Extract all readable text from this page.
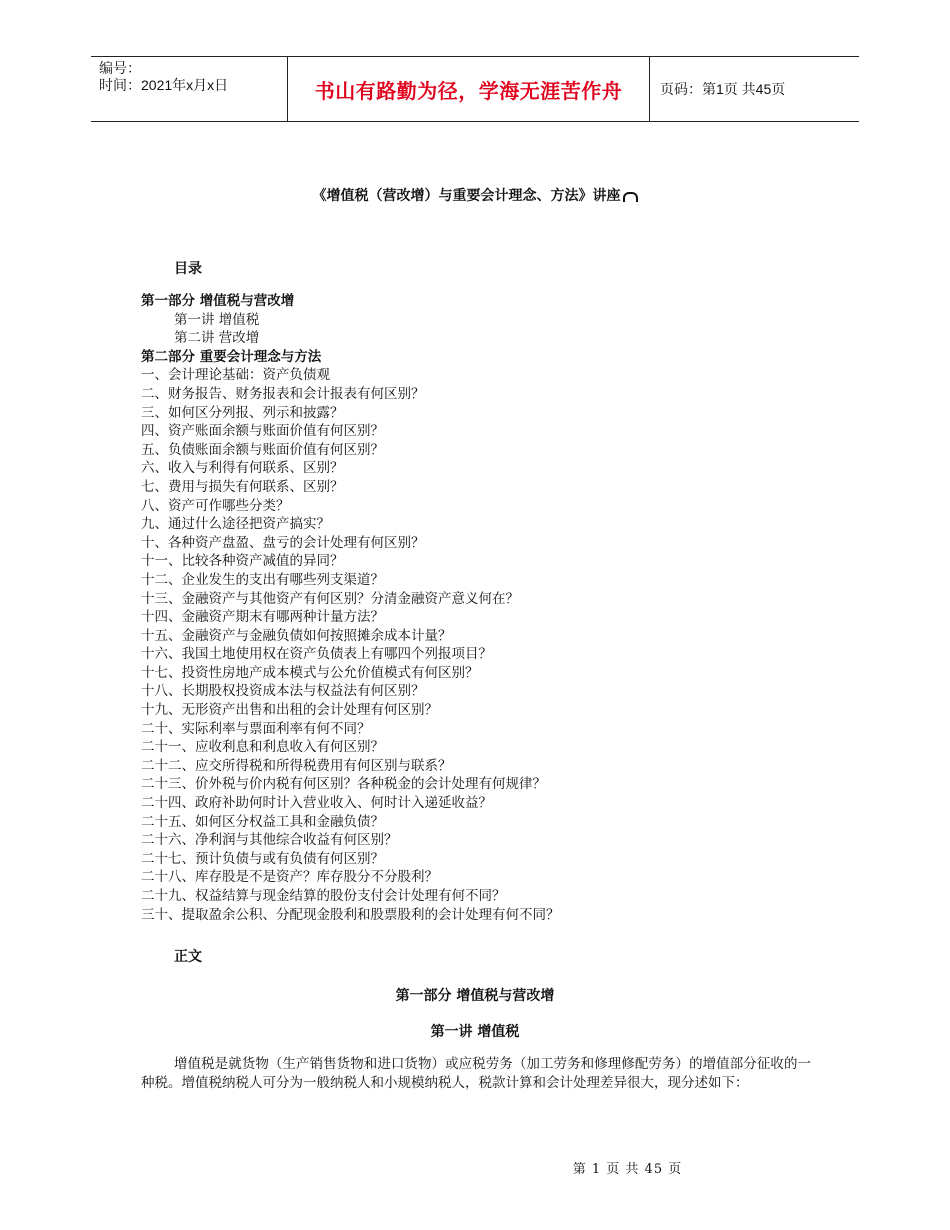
编号：
时间：2021年x月x日	书山有路勤为径，学海无涯苦作舟	页码：第1页 共45页
《增值税（营改增）与重要会计理念、方法》讲座
目录
第一部分 增值税与营改增
第一讲 增值税
第二讲 营改增
第二部分 重要会计理念与方法
一、会计理论基础：资产负债观
二、财务报告、财务报表和会计报表有何区别？
三、如何区分列报、列示和披露？
四、资产账面余额与账面价值有何区别？
五、负债账面余额与账面价值有何区别？
六、收入与利得有何联系、区别？
七、费用与损失有何联系、区别？
八、资产可作哪些分类？
九、通过什么途径把资产搞实？
十、各种资产盘盈、盘亏的会计处理有何区别？
十一、比较各种资产减值的异同？
十二、企业发生的支出有哪些列支渠道？
十三、金融资产与其他资产有何区别？分清金融资产意义何在？
十四、金融资产期末有哪两种计量方法？
十五、金融资产与金融负债如何按照摊余成本计量？
十六、我国土地使用权在资产负债表上有哪四个列报项目？
十七、投资性房地产成本模式与公允价值模式有何区别？
十八、长期股权投资成本法与权益法有何区别？
十九、无形资产出售和出租的会计处理有何区别？
二十、实际利率与票面利率有何不同？
二十一、应收利息和利息收入有何区别？
二十二、应交所得税和所得税费用有何区别与联系？
二十三、价外税与价内税有何区别？各种税金的会计处理有何规律？
二十四、政府补助何时计入营业收入、何时计入递延收益？
二十五、如何区分权益工具和金融负债？
二十六、净利润与其他综合收益有何区别？
二十七、预计负债与或有负债有何区别？
二十八、库存股是不是资产？库存股分不分股利？
二十九、权益结算与现金结算的股份支付会计处理有何不同？
三十、提取盈余公积、分配现金股利和股票股利的会计处理有何不同？
正文
第一部分 增值税与营改增
第一讲 增值税
增值税是就货物（生产销售货物和进口货物）或应税劳务（加工劳务和修理修配劳务）的增值部分征收的一种税。增值税纳税人可分为一般纳税人和小规模纳税人，税款计算和会计处理差异很大，现分述如下：
第 1 页 共 45 页
